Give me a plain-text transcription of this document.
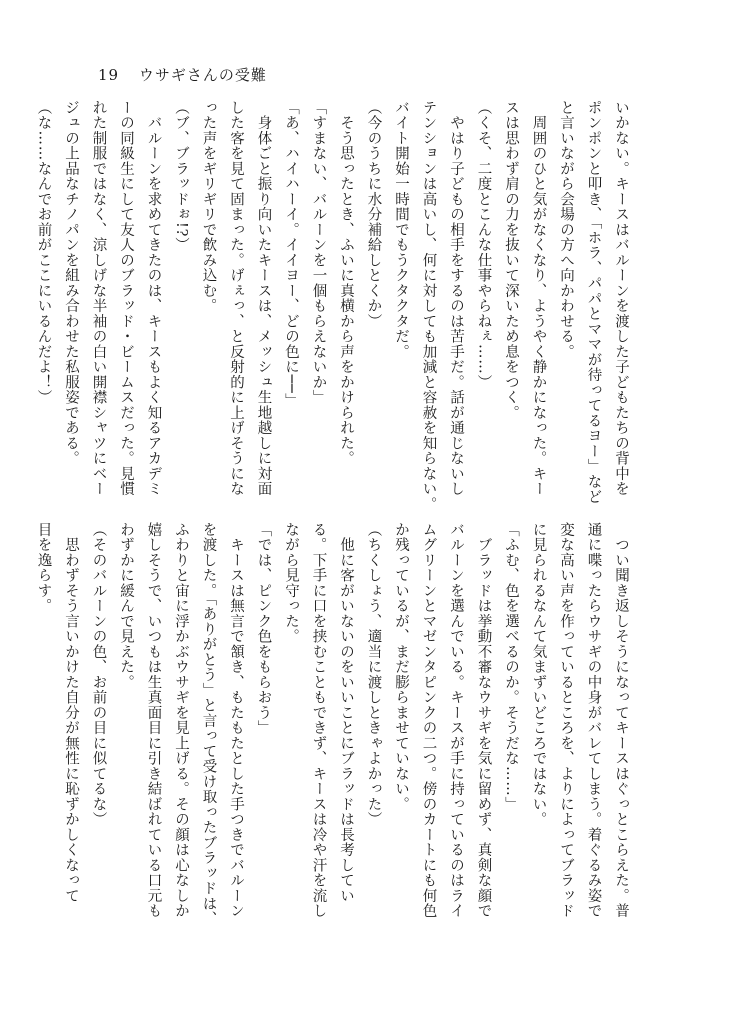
19 ウサギさんの受難
いかない。キースはバルーンを渡した子どもたちの背中を
ポンポンと叩き、「ホラ、パパとママが待ってるヨー」など
と言いながら会場の方へ向かわせる。
　周囲のひと気がなくなり、ようやく静かになった。キー
スは思わず肩の力を抜いて深いため息をつく。
（くそ、二度とこんな仕事やらねぇ……）
　やはり子どもの相手をするのは苦手だ。話が通じないし
テンションは高いし、何に対しても加減と容赦を知らない。
バイト開始一時間でもうクタクタだ。
（今のうちに水分補給しとくか）
　そう思ったとき、ふいに真横から声をかけられた。
「すまない、バルーンを一個もらえないか」
「あ、ハイハーイ。イイヨー、どの色に──」
　身体ごと振り向いたキースは、メッシュ生地越しに対面
した客を見て固まった。げぇっ、と反射的に上げそうにな
った声をギリギリで飲み込む。
（ブ、ブラッドぉ!?）
　バルーンを求めてきたのは、キースもよく知るアカデミ
ーの同級生にして友人のブラッド・ビームスだった。見慣
れた制服ではなく、涼しげな半袖の白い開襟シャツにベー
ジュの上品なチノパンを組み合わせた私服姿である。
（な……なんでお前がここにいるんだよ！）
　つい聞き返しそうになってキースはぐっとこらえた。普
通に喋ったらウサギの中身がバレてしまう。着ぐるみ姿で
変な高い声を作っているところを、よりによってブラッド
に見られるなんて気まずいどころではない。
「ふむ、色を選べるのか。そうだな……」
　ブラッドは挙動不審なウサギを気に留めず、真剣な顔で
バルーンを選んでいる。キースが手に持っているのはライ
ムグリーンとマゼンタピンクの二つ。傍のカートにも何色
か残っているが、まだ膨らませていない。
（ちくしょう、適当に渡しときゃよかった）
　他に客がいないのをいいことにブラッドは長考してい
る。下手に口を挟むこともできず、キースは冷や汗を流し
ながら見守った。
「では、ピンク色をもらおう」
　キースは無言で頷き、もたもたとした手つきでバルーン
を渡した。「ありがとう」と言って受け取ったブラッドは、
ふわりと宙に浮かぶウサギを見上げる。その顔は心なしか
嬉しそうで、いつもは生真面目に引き結ばれている口元も
わずかに緩んで見えた。
（そのバルーンの色、お前の目に似てるな）
　思わずそう言いかけた自分が無性に恥ずかしくなって
目を逸らす。
